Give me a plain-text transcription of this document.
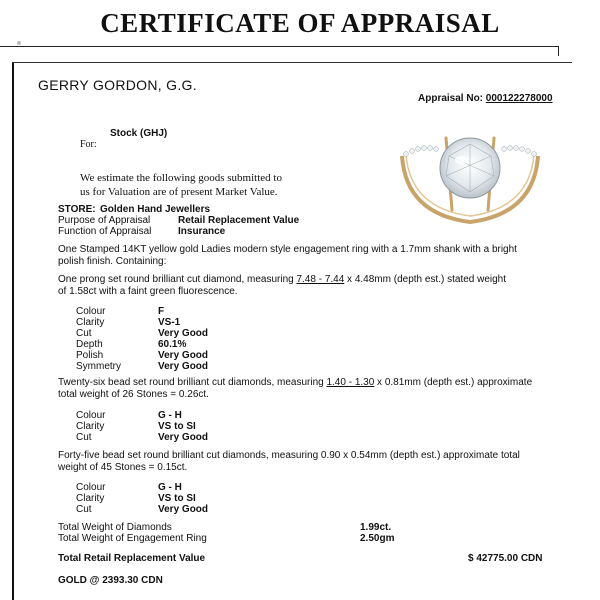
CERTIFICATE OF APPRAISAL
GERRY GORDON, G.G.
Appraisal No: 000122278000
Stock (GHJ)
For:
We estimate the following goods submitted to
us for Valuation are of present Market Value.
STORE: Golden Hand Jewellers
Purpose of Appraisal	Retail Replacement Value
Function of Appraisal	Insurance
One Stamped 14KT yellow gold Ladies modern style engagement ring with a 1.7mm shank with a bright
polish finish. Containing:
One prong set round brilliant cut diamond, measuring 7.48 - 7.44 x 4.48mm (depth est.) stated weight
of 1.58ct with a faint green fluorescence.
Colour	F
Clarity	VS-1
Cut	Very Good
Depth	60.1%
Polish	Very Good
Symmetry	Very Good
Twenty-six bead set round brilliant cut diamonds, measuring 1.40 - 1.30 x 0.81mm (depth est.) approximate
total weight of 26 Stones = 0.26ct.
Colour	G - H
Clarity	VS to SI
Cut	Very Good
Forty-five bead set round brilliant cut diamonds, measuring 0.90 x 0.54mm (depth est.) approximate total
weight of 45 Stones = 0.15ct.
Colour	G - H
Clarity	VS to SI
Cut	Very Good
Total Weight of Diamonds	1.99ct.
Total Weight of Engagement Ring	2.50gm
Total Retail Replacement Value	$ 42775.00 CDN
GOLD @ 2393.30 CDN
